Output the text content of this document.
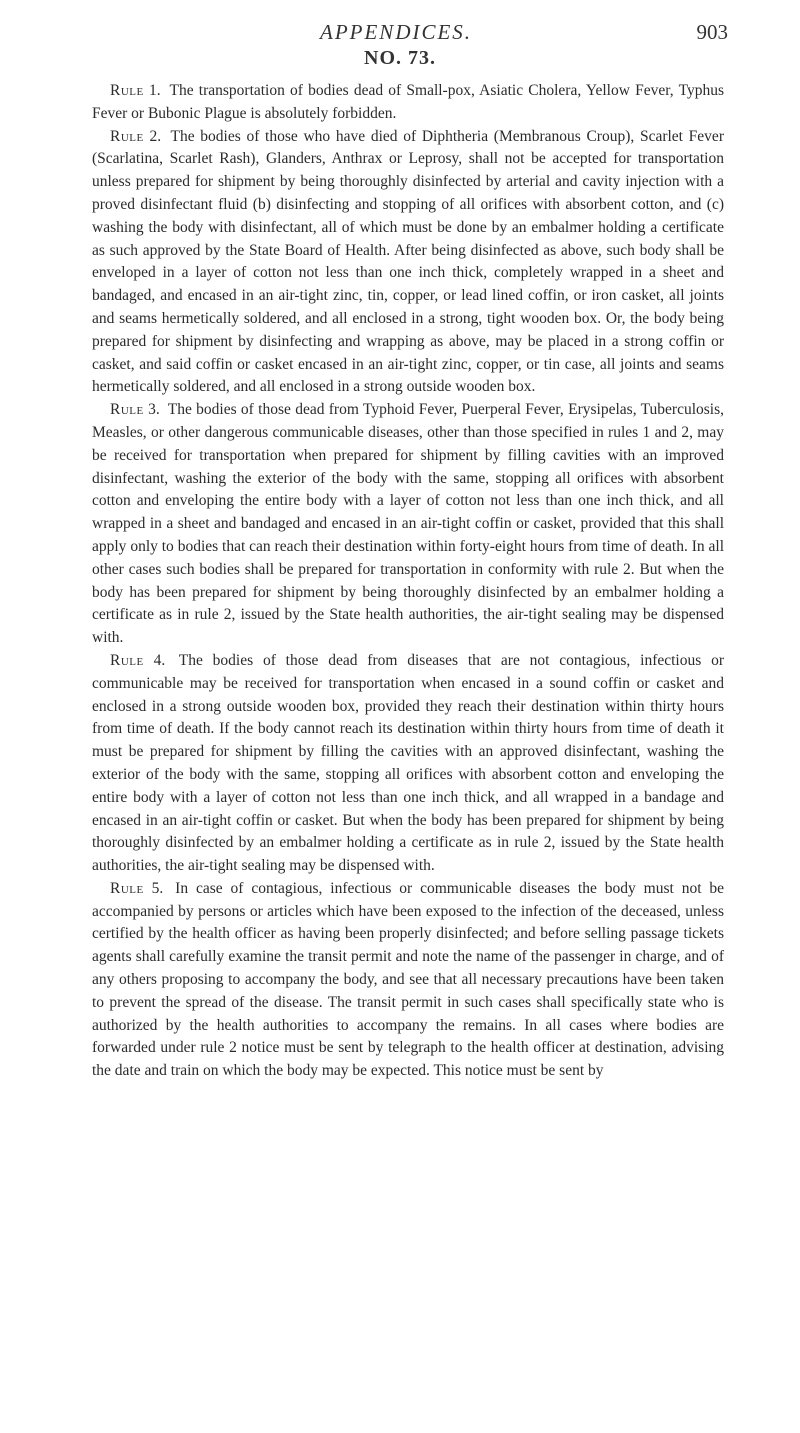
APPENDICES.	903
NO. 73.

Rule 1. The transportation of bodies dead of Small-pox, Asiatic Cholera, Yellow Fever, Typhus Fever or Bubonic Plague is absolutely forbidden.

Rule 2. The bodies of those who have died of Diphtheria (Membranous Croup), Scarlet Fever (Scarlatina, Scarlet Rash), Glanders, Anthrax or Leprosy, shall not be accepted for transportation unless prepared for shipment by being thoroughly disinfected by arterial and cavity injection with a proved disinfectant fluid (b) disinfecting and stopping of all orifices with absorbent cotton, and (c) washing the body with disinfectant, all of which must be done by an embalmer holding a certificate as such approved by the State Board of Health. After being disinfected as above, such body shall be enveloped in a layer of cotton not less than one inch thick, completely wrapped in a sheet and bandaged, and encased in an air-tight zinc, tin, copper, or lead lined coffin, or iron casket, all joints and seams hermetically soldered, and all enclosed in a strong, tight wooden box. Or, the body being prepared for shipment by disinfecting and wrapping as above, may be placed in a strong coffin or casket, and said coffin or casket encased in an air-tight zinc, copper, or tin case, all joints and seams hermetically soldered, and all enclosed in a strong outside wooden box.

Rule 3. The bodies of those dead from Typhoid Fever, Puerperal Fever, Erysipelas, Tuberculosis, Measles, or other dangerous communicable diseases, other than those specified in rules 1 and 2, may be received for transportation when prepared for shipment by filling cavities with an improved disinfectant, washing the exterior of the body with the same, stopping all orifices with absorbent cotton and enveloping the entire body with a layer of cotton not less than one inch thick, and all wrapped in a sheet and bandaged and encased in an air-tight coffin or casket, provided that this shall apply only to bodies that can reach their destination within forty-eight hours from time of death. In all other cases such bodies shall be prepared for transportation in conformity with rule 2. But when the body has been prepared for shipment by being thoroughly disinfected by an embalmer holding a certificate as in rule 2, issued by the State health authorities, the air-tight sealing may be dispensed with.

Rule 4. The bodies of those dead from diseases that are not contagious, infectious or communicable may be received for transportation when encased in a sound coffin or casket and enclosed in a strong outside wooden box, provided they reach their destination within thirty hours from time of death. If the body cannot reach its destination within thirty hours from time of death it must be prepared for shipment by filling the cavities with an approved disinfectant, washing the exterior of the body with the same, stopping all orifices with absorbent cotton and enveloping the entire body with a layer of cotton not less than one inch thick, and all wrapped in a bandage and encased in an air-tight coffin or casket. But when the body has been prepared for shipment by being thoroughly disinfected by an embalmer holding a certificate as in rule 2, issued by the State health authorities, the air-tight sealing may be dispensed with.

Rule 5. In case of contagious, infectious or communicable diseases the body must not be accompanied by persons or articles which have been exposed to the infection of the deceased, unless certified by the health officer as having been properly disinfected; and before selling passage tickets agents shall carefully examine the transit permit and note the name of the passenger in charge, and of any others proposing to accompany the body, and see that all necessary precautions have been taken to prevent the spread of the disease. The transit permit in such cases shall specifically state who is authorized by the health authorities to accompany the remains. In all cases where bodies are forwarded under rule 2 notice must be sent by telegraph to the health officer at destination, advising the date and train on which the body may be expected. This notice must be sent by
